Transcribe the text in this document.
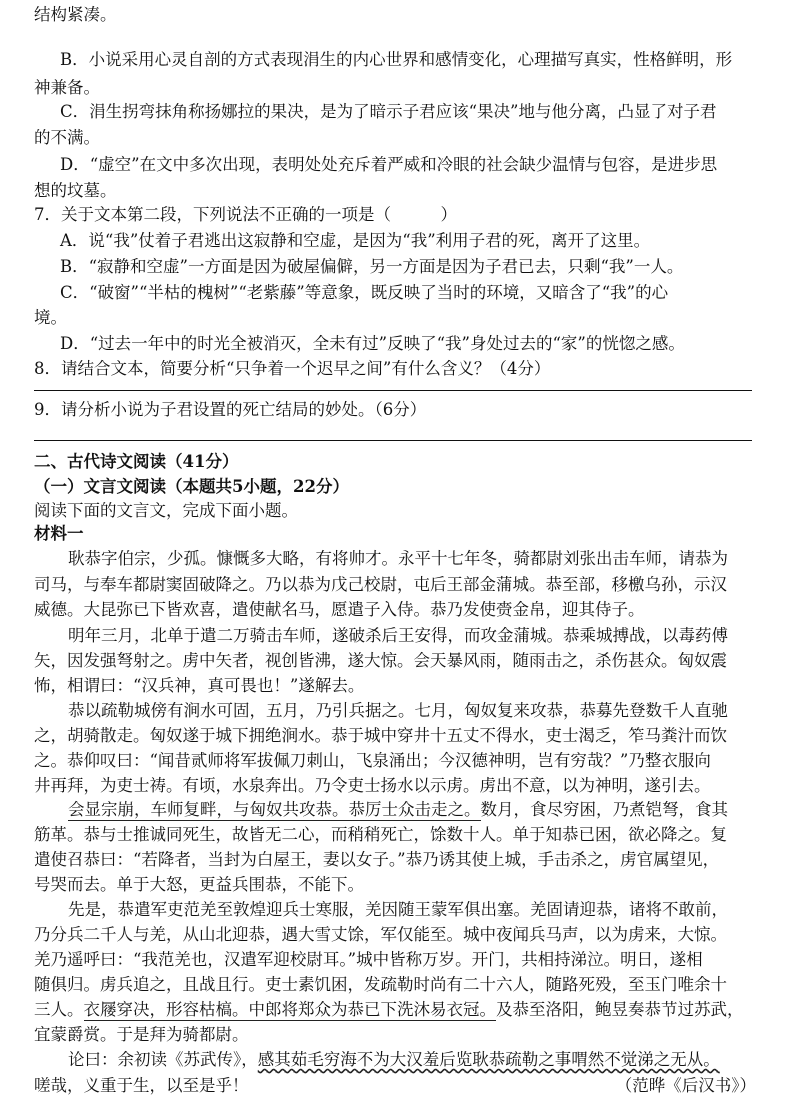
结构紧凑。
B．小说采用心灵自剖的方式表现涓生的内心世界和感情变化，心理描写真实，性格鲜明，形
神兼备。
C．涓生拐弯抹角称扬娜拉的果决，是为了暗示子君应该“果决”地与他分离，凸显了对子君
的不满。
D．“虚空”在文中多次出现，表明处处充斥着严威和冷眼的社会缺少温情与包容，是进步思
想的坟墓。
7．关于文本第二段，下列说法不正确的一项是（　　　）
A．说“我”仗着子君逃出这寂静和空虚，是因为“我”利用子君的死，离开了这里。
B．“寂静和空虚”一方面是因为破屋偏僻，另一方面是因为子君已去，只剩“我”一人。
C．“破窗”“半枯的槐树”“老紫藤”等意象，既反映了当时的环境，又暗含了“我”的心
境。
D．“过去一年中的时光全被消灭，全未有过”反映了“我”身处过去的“家”的恍惚之感。
8．请结合文本，简要分析“只争着一个迟早之间”有什么含义？（4分）
9．请分析小说为子君设置的死亡结局的妙处。（6分）
二、古代诗文阅读（41分）
（一）文言文阅读（本题共5小题，22分）
阅读下面的文言文，完成下面小题。
材料一
耿恭字伯宗，少孤。慷慨多大略，有将帅才。永平十七年冬，骑都尉刘张出击车师，请恭为
司马，与奉车都尉窦固破降之。乃以恭为戊己校尉，屯后王部金蒲城。恭至部，移檄乌孙，示汉
威德。大昆弥已下皆欢喜，遣使献名马，愿遣子入侍。恭乃发使赍金帛，迎其侍子。
明年三月，北单于遣二万骑击车师，遂破杀后王安得，而攻金蒲城。恭乘城搏战，以毒药傅
矢，因发强弩射之。虏中矢者，视创皆沸，遂大惊。会天暴风雨，随雨击之，杀伤甚众。匈奴震
怖，相谓曰：“汉兵神，真可畏也！”遂解去。
恭以疏勒城傍有涧水可固，五月，乃引兵据之。七月，匈奴复来攻恭，恭募先登数千人直驰
之，胡骑散走。匈奴遂于城下拥绝涧水。恭于城中穿井十五丈不得水，吏士渴乏，笮马粪汁而饮
之。恭仰叹曰：“闻昔贰师将军拔佩刀刺山，飞泉涌出；今汉德神明，岂有穷哉？”乃整衣服向
井再拜，为吏士祷。有顷，水泉奔出。乃令吏士扬水以示虏。虏出不意，以为神明，遂引去。
会显宗崩，车师复畔，与匈奴共攻恭。恭厉士众击走之。数月，食尽穷困，乃煮铠弩，食其
筋革。恭与士推诚同死生，故皆无二心，而稍稍死亡，馀数十人。单于知恭已困，欲必降之。复
遣使召恭曰：“若降者，当封为白屋王，妻以女子。”恭乃诱其使上城，手击杀之，虏官属望见，
号哭而去。单于大怒，更益兵围恭，不能下。
先是，恭遣军吏范羌至敦煌迎兵士寒服，羌因随王蒙军俱出塞。羌固请迎恭，诸将不敢前，
乃分兵二千人与羌，从山北迎恭，遇大雪丈馀，军仅能至。城中夜闻兵马声，以为虏来，大惊。
羌乃遥呼曰：“我范羌也，汉遣军迎校尉耳。”城中皆称万岁。开门，共相持涕泣。明日，遂相
随俱归。虏兵追之，且战且行。吏士素饥困，发疏勒时尚有二十六人，随路死殁，至玉门唯余十
三人。衣屦穿决，形容枯槁。中郎将郑众为恭已下洗沐易衣冠。及恭至洛阳，鲍昱奏恭节过苏武，
宜蒙爵赏。于是拜为骑都尉。
论曰：余初读《苏武传》，感其茹毛穷海不为大汉羞后览耿恭疏勒之事喟然不觉涕之无从。
嗟哉，义重于生，以至是乎！	（范晔《后汉书》）
